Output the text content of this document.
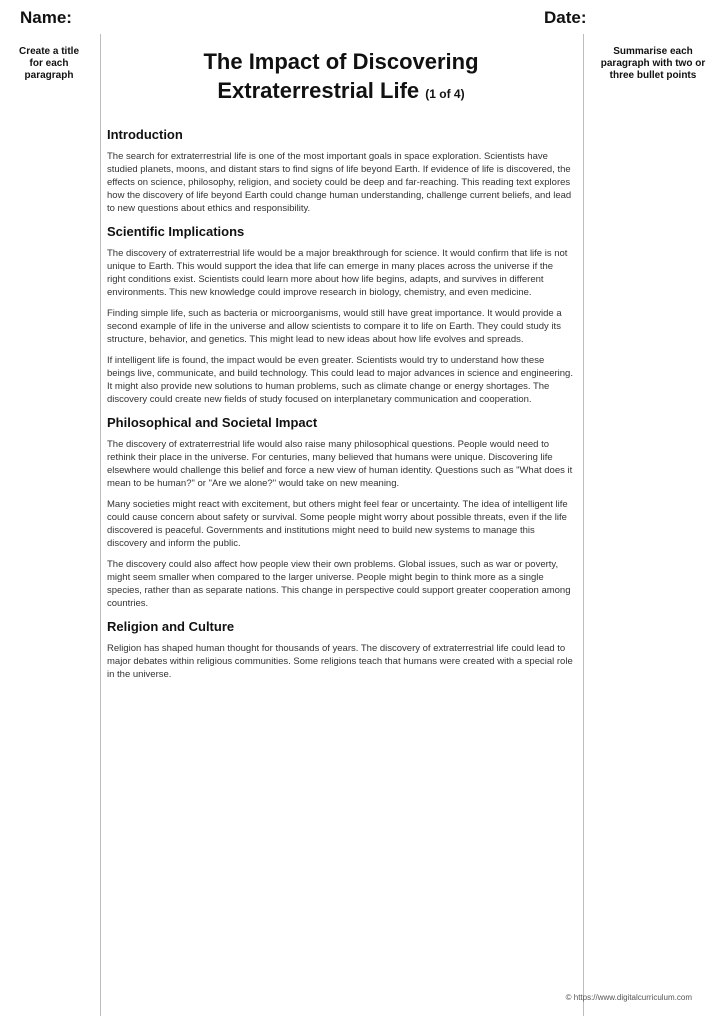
Name:	Date:
Create a title for each paragraph
Summarise each paragraph with two or three bullet points
The Impact of Discovering
Extraterrestrial Life (1 of 4)
Introduction

The search for extraterrestrial life is one of the most important goals in space exploration. Scientists have studied planets, moons, and distant stars to find signs of life beyond Earth. If evidence of life is discovered, the effects on science, philosophy, religion, and society could be deep and far-reaching. This reading text explores how the discovery of life beyond Earth could change human understanding, challenge current beliefs, and lead to new questions about ethics and responsibility.

Scientific Implications

The discovery of extraterrestrial life would be a major breakthrough for science. It would confirm that life is not unique to Earth. This would support the idea that life can emerge in many places across the universe if the right conditions exist. Scientists could learn more about how life begins, adapts, and survives in different environments. This new knowledge could improve research in biology, chemistry, and even medicine.

Finding simple life, such as bacteria or microorganisms, would still have great importance. It would provide a second example of life in the universe and allow scientists to compare it to life on Earth. They could study its structure, behavior, and genetics. This might lead to new ideas about how life evolves and spreads.

If intelligent life is found, the impact would be even greater. Scientists would try to understand how these beings live, communicate, and build technology. This could lead to major advances in science and engineering. It might also provide new solutions to human problems, such as climate change or energy shortages. The discovery could create new fields of study focused on interplanetary communication and cooperation.

Philosophical and Societal Impact

The discovery of extraterrestrial life would also raise many philosophical questions. People would need to rethink their place in the universe. For centuries, many believed that humans were unique. Discovering life elsewhere would challenge this belief and force a new view of human identity. Questions such as "What does it mean to be human?" or "Are we alone?" would take on new meaning.

Many societies might react with excitement, but others might feel fear or uncertainty. The idea of intelligent life could cause concern about safety or survival. Some people might worry about possible threats, even if the life discovered is peaceful. Governments and institutions might need to build new systems to manage this discovery and inform the public.

The discovery could also affect how people view their own problems. Global issues, such as war or poverty, might seem smaller when compared to the larger universe. People might begin to think more as a single species, rather than as separate nations. This change in perspective could support greater cooperation among countries.

Religion and Culture

Religion has shaped human thought for thousands of years. The discovery of extraterrestrial life could lead to major debates within religious communities. Some religions teach that humans were created with a special role in the universe.

© https://www.digitalcurriculum.com
